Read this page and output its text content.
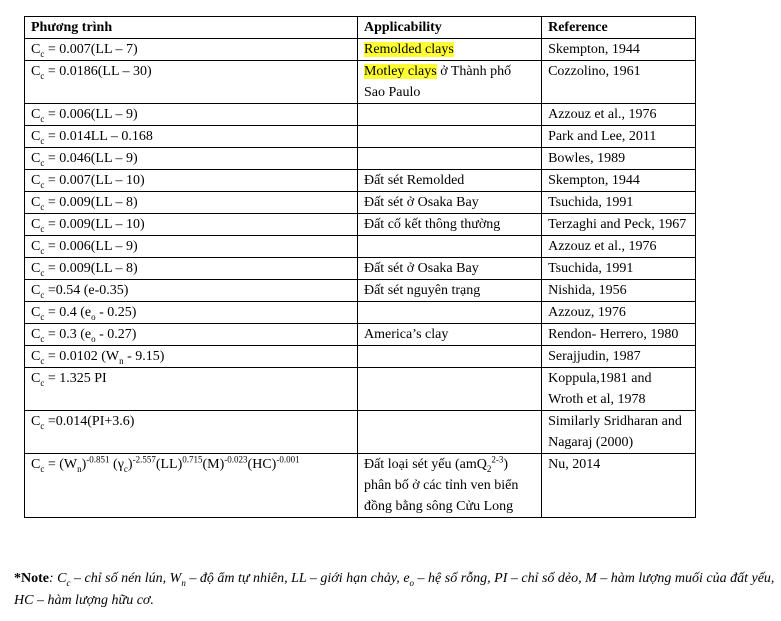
Phương trình	Applicability	Reference
$C_c = 0.007(LL - 7)$	Remolded clays	Skempton, 1944
$C_c = 0.0186(LL - 30)$	Motley clays ở Thành phố Sao Paulo	Cozzolino, 1961
$C_c = 0.006(LL - 9)$		Azzouz et al., 1976
$C_c = 0.014LL - 0.168$		Park and Lee, 2011
$C_c = 0.046(LL - 9)$		Bowles, 1989
$C_c = 0.007(LL - 10)$	Đất sét Remolded	Skempton, 1944
$C_c = 0.009(LL - 8)$	Đất sét ở Osaka Bay	Tsuchida, 1991
$C_c = 0.009(LL - 10)$	Đất cố kết thông thường	Terzaghi and Peck, 1967
$C_c = 0.006(LL - 9)$		Azzouz et al., 1976
$C_c = 0.009(LL - 8)$	Đất sét ở Osaka Bay	Tsuchida, 1991
$C_c =0.54$ (e-0.35)	Đất sét nguyên trạng	Nishida, 1956
$C_c = 0.4$ $(e_o - 0.25)$		Azzouz, 1976
$C_c = 0.3$ $(e_o - 0.27)$	America’s clay	Rendon- Herrero, 1980
$C_c = 0.0102$ $(W_n - 9.15)$		Serajjudin, 1987
$C_c = 1.325$ PI		Koppula,1981 and Wroth et al, 1978
$C_c =0.014(PI+3.6)$		Similarly Sridharan and Nagaraj (2000)
$C_c = (W_n)^{-0.851}$ $(\gamma_c)^{-2.557}(LL)^{0.715}(M)^{-0.023}(HC)^{-0.001}$	Đất loại sét yếu (amQ$_2^{2-3}$) phân bố ở các tỉnh ven biển đồng bằng sông Cửu Long	Nu, 2014
*Note: $C_c$ – chỉ số nén lún, $W_n$ – độ ẩm tự nhiên, LL – giới hạn chảy, $e_o$ – hệ số rỗng, PI – chỉ số dẻo, M – hàm lượng muối của đất yếu, HC – hàm lượng hữu cơ.
